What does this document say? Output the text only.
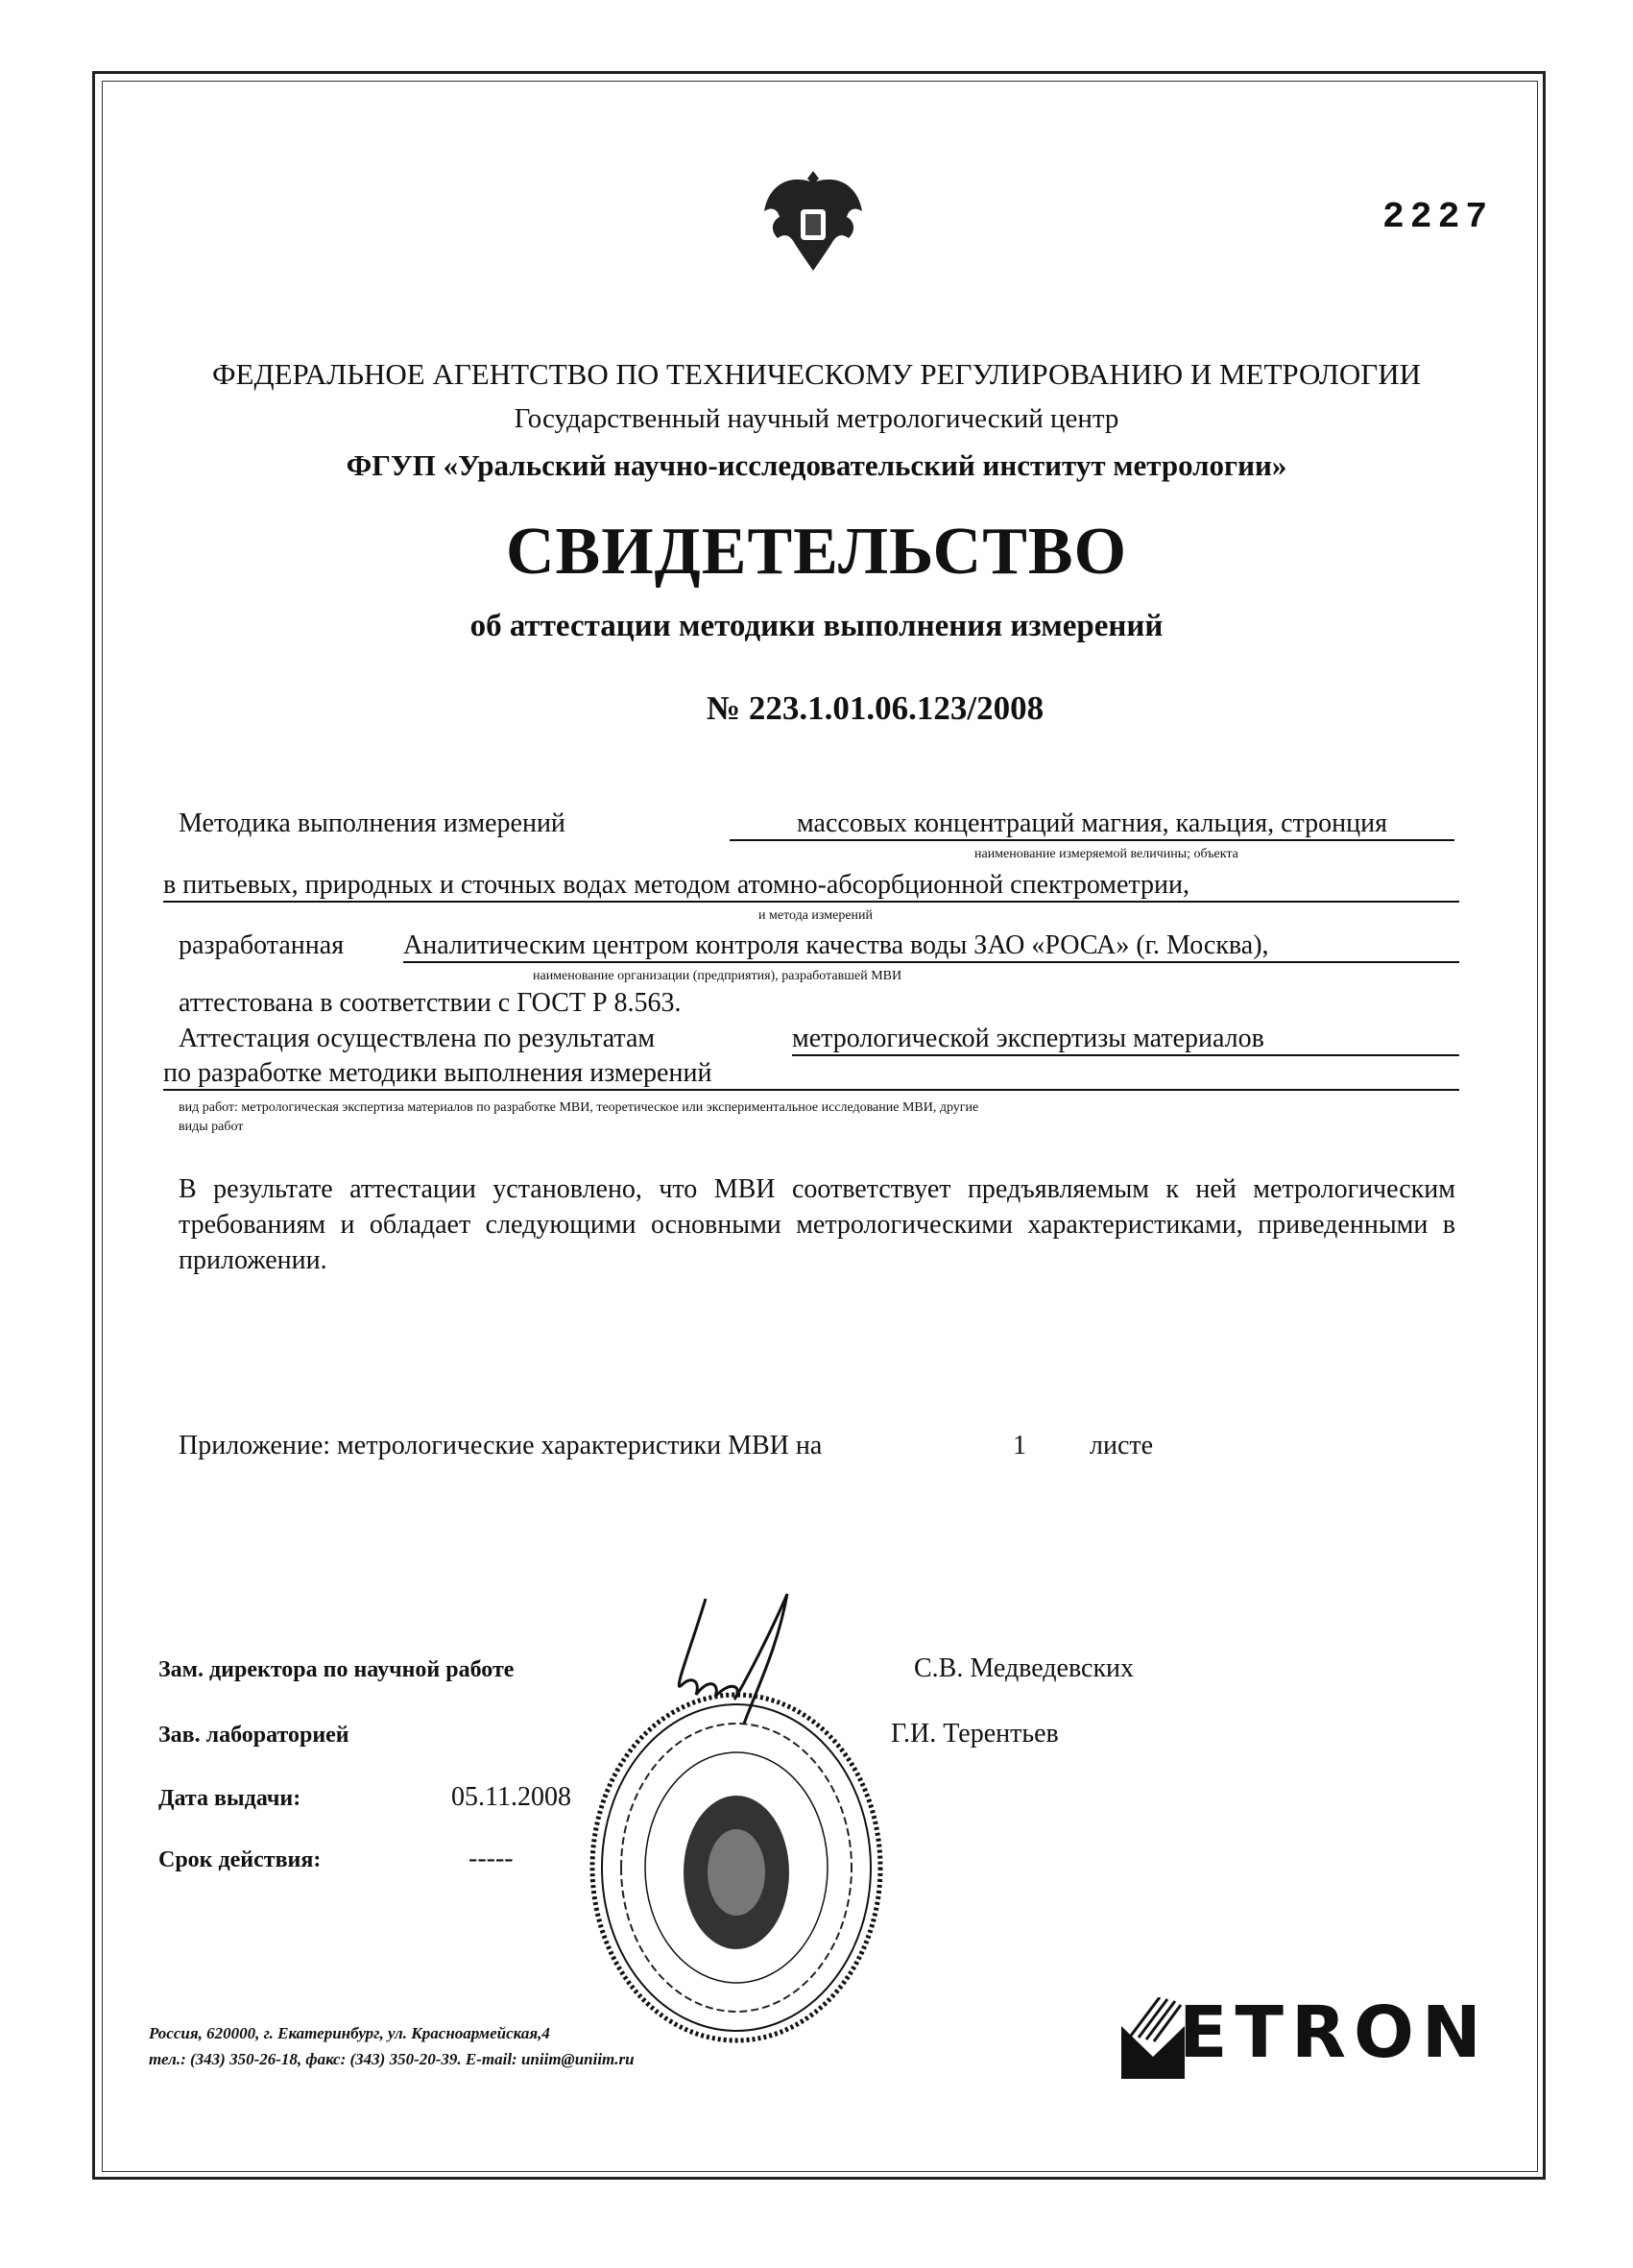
2227
ФЕДЕРАЛЬНОЕ АГЕНТСТВО ПО ТЕХНИЧЕСКОМУ РЕГУЛИРОВАНИЮ И МЕТРОЛОГИИ
Государственный научный метрологический центр
ФГУП «Уральский научно-исследовательский институт метрологии»
СВИДЕТЕЛЬСТВО
об аттестации методики выполнения измерений
№ 223.1.01.06.123/2008
Методика выполнения измерений	массовых концентраций магния, кальция, стронция
наименование измеряемой величины; объекта
в питьевых, природных и сточных водах методом атомно-абсорбционной спектрометрии,
и метода измерений
разработанная Аналитическим центром контроля качества воды ЗАО «РОСА» (г. Москва),
наименование организации (предприятия), разработавшей МВИ
аттестована в соответствии с ГОСТ Р 8.563.
Аттестация осуществлена по результатам	метрологической экспертизы материалов
по разработке методики выполнения измерений
вид работ: метрологическая экспертиза материалов по разработке МВИ, теоретическое или экспериментальное исследование МВИ, другие
виды работ
В результате аттестации установлено, что МВИ соответствует предъявляемым к ней метрологическим требованиям и обладает следующими основными метрологическими характеристиками, приведенными в приложении.
Приложение: метрологические характеристики МВИ на	1 листе
Зам. директора по научной работе	С.В. Медведевских
Зав. лабораторией	Г.И. Терентьев
Дата выдачи:	05.11.2008
Срок действия:	-----
Россия, 620000, г. Екатеринбург, ул. Красноармейская,4
тел.: (343) 350-26-18, факс: (343) 350-20-39. E-mail: uniim@uniim.ru	ETRON
